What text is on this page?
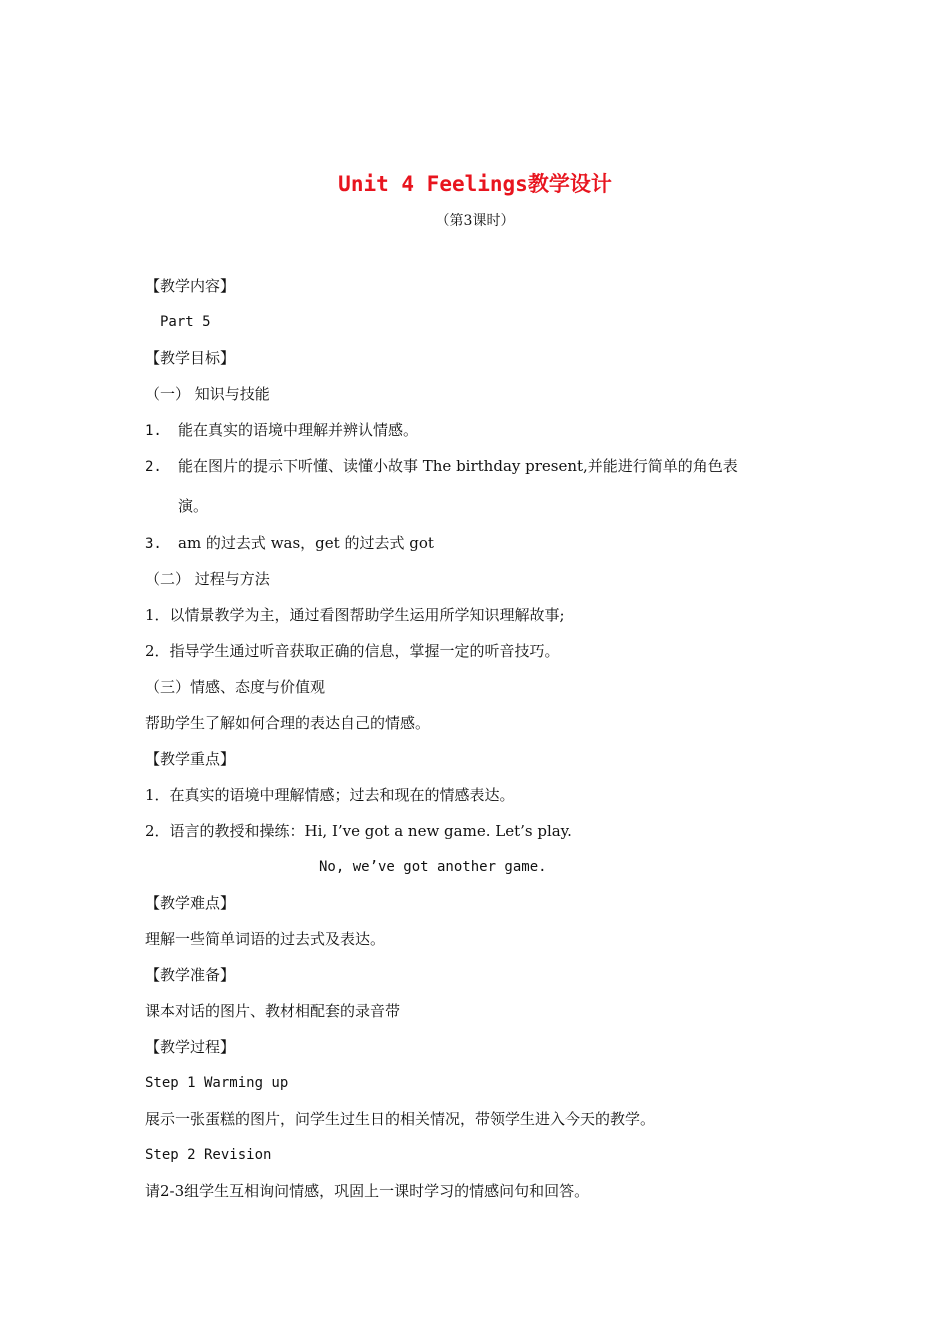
Unit 4 Feelings教学设计
（第3课时）
【教学内容】
Part 5
【教学目标】
（一） 知识与技能
1. 能在真实的语境中理解并辨认情感。
2. 能在图片的提示下听懂、读懂小故事 The birthday present,并能进行简单的角色表
演。
3. am 的过去式 was，get 的过去式 got
（二） 过程与方法
1．以情景教学为主，通过看图帮助学生运用所学知识理解故事;
2．指导学生通过听音获取正确的信息，掌握一定的听音技巧。
（三）情感、态度与价值观
帮助学生了解如何合理的表达自己的情感。
【教学重点】
1．在真实的语境中理解情感；过去和现在的情感表达。
2．语言的教授和操练：Hi, I’ve got a new game. Let’s play.
No, we’ve got another game.
【教学难点】
理解一些简单词语的过去式及表达。
【教学准备】
课本对话的图片、教材相配套的录音带
【教学过程】
Step 1 Warming up
展示一张蛋糕的图片，问学生过生日的相关情况，带领学生进入今天的教学。
Step 2 Revision
请2-3组学生互相询问情感，巩固上一课时学习的情感问句和回答。
